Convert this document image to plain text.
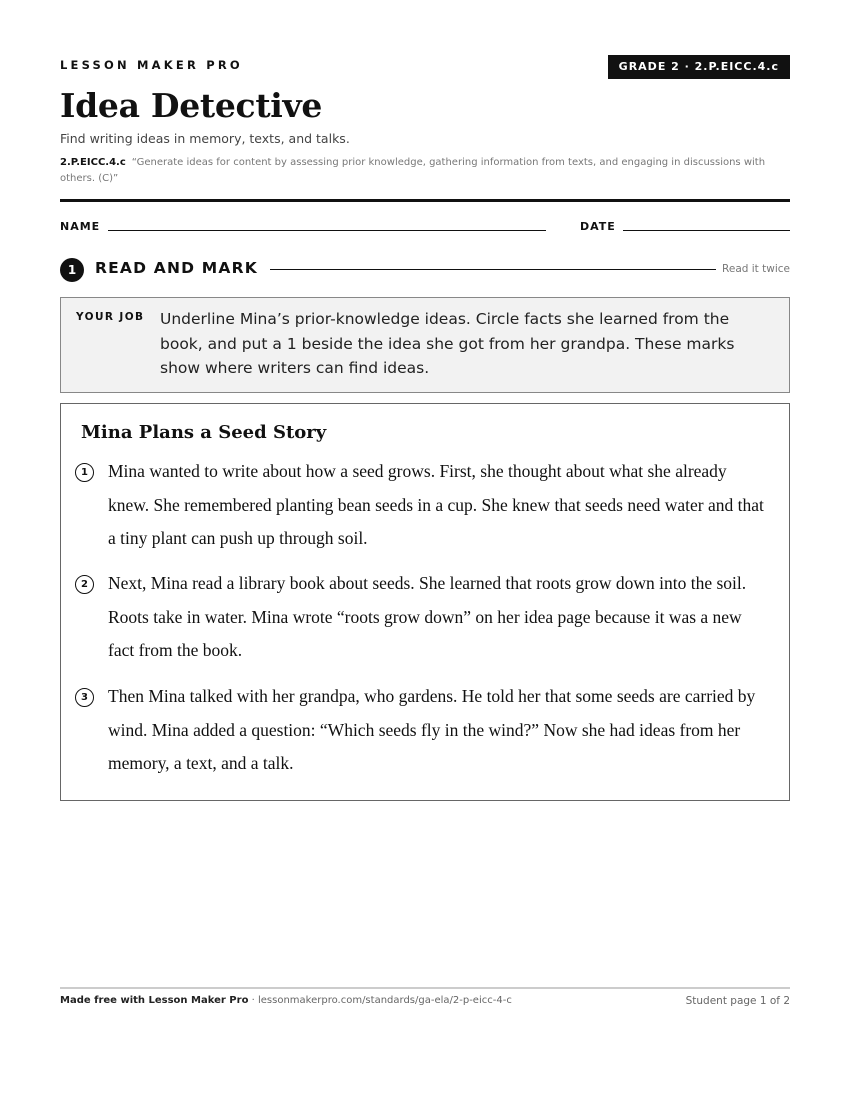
LESSON MAKER PRO	GRADE 2 · 2.P.EICC.4.c
Idea Detective
Find writing ideas in memory, texts, and talks.
2.P.EICC.4.c “Generate ideas for content by assessing prior knowledge, gathering information from texts, and engaging in discussions with others. (C)”
NAME	DATE
1	READ AND MARK	Read it twice
YOUR JOB Underline Mina’s prior-knowledge ideas. Circle facts she learned from the book, and put a 1 beside the idea she got from her grandpa. These marks show where writers can find ideas.
Mina Plans a Seed Story
1	Mina wanted to write about how a seed grows. First, she thought about what she already knew. She remembered planting bean seeds in a cup. She knew that seeds need water and that a tiny plant can push up through soil.
2	Next, Mina read a library book about seeds. She learned that roots grow down into the soil. Roots take in water. Mina wrote “roots grow down” on her idea page because it was a new fact from the book.
3	Then Mina talked with her grandpa, who gardens. He told her that some seeds are carried by wind. Mina added a question: “Which seeds fly in the wind?” Now she had ideas from her memory, a text, and a talk.
Made free with Lesson Maker Pro · lessonmakerpro.com/standards/ga-ela/2-p-eicc-4-c	Student page 1 of 2
